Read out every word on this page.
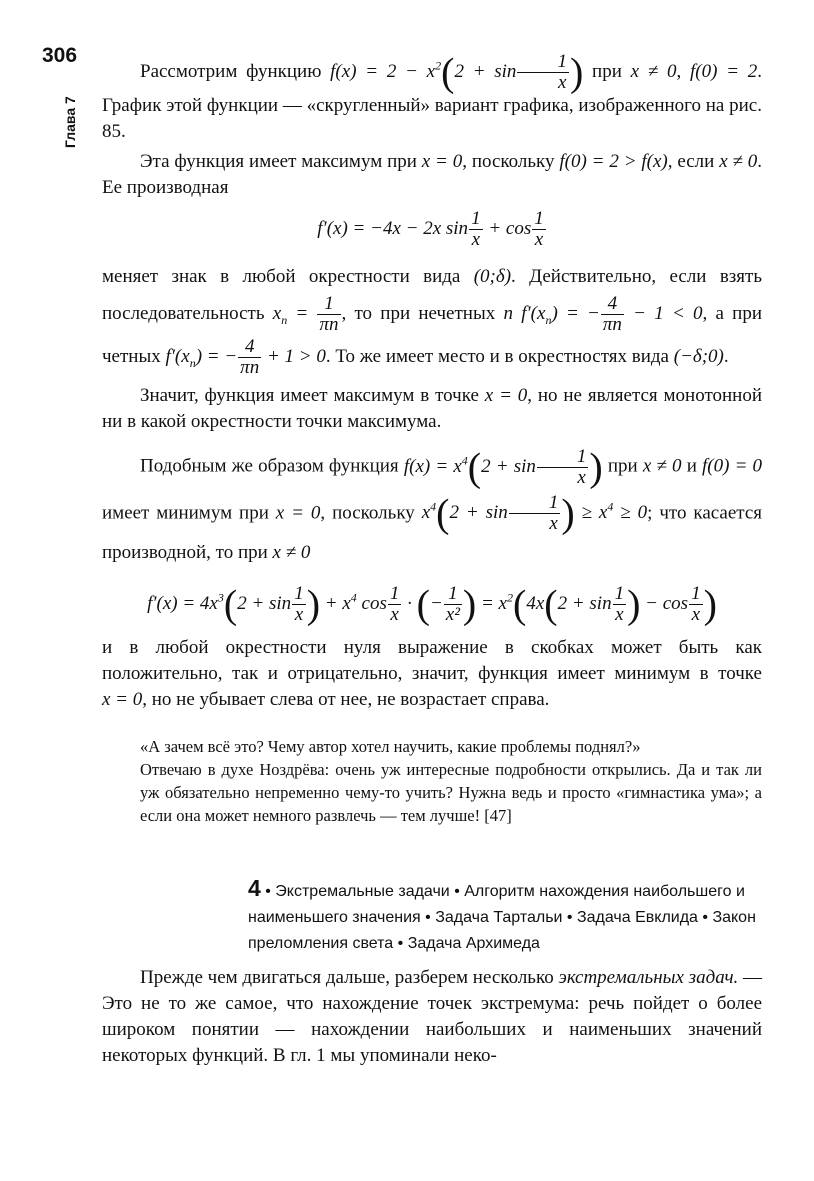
306
Глава 7

Рассмотрим функцию $f(x) = 2 - x^2(2 + \sin \frac{1}{x}$ ) при x ≠ 0, f(0) = 2. График этой функции — «скругленный» вариант графика, изображенного на рис. 85.

Эта функция имеет максимум при x = 0, поскольку f(0) = 2 > f(x), если x ≠ 0. Ее производная

f′(x) = −4x − 2x $\sin \frac{1}{x} + \cos \frac{1}{x}$

меняет знак в любой окрестности вида (0;δ). Действительно, если взять последовательность $x_n = \frac{1}{\pi n}$ , то при нечетных n $f'(x_n)$ = − $\frac{4}{\pi n} - 1 < 0$, а при четных $f'(x_n)$ = − $\frac{4}{\pi n} + 1 > 0$. То же имеет место и в окрестностях вида (−δ;0).

Значит, функция имеет максимум в точке x = 0, но не является монотонной ни в какой окрестности точки максимума.

Подобным же образом функция $f(x) = x^4(2 + \sin \frac{1}{x}$ ) при x ≠ 0 и f(0) = 0 имеет минимум при x = 0, поскольку $x^4(2 + \sin \frac{1}{x}$ ) ≥ $x^4 \ge 0$; что касается производной, то при x ≠ 0

$f'(x) = 4x^3(2 + \sin \frac{1}{x}$ ) + $x^4$ $\cos \frac{1}{x}$ · (− $\frac{1}{\text{x²}}$ ) = $x^2(4x(2 + \sin \frac{1}{x}$ ) − $\cos \frac{1}{x}$ )

и в любой окрестности нуля выражение в скобках может быть как положительно, так и отрицательно, значит, функция имеет минимум в точке x = 0, но не убывает слева от нее, не возрастает справа.

«А зачем всё это? Чему автор хотел научить, какие проблемы поднял?»

Отвечаю в духе Ноздрёва: очень уж интересные подробности открылись. Да и так ли уж обязательно непременно чему-то учить? Нужна ведь и просто «гимнастика ума»; а если она может немного развлечь — тем лучше! [47]

4 • Экстремальные задачи • Алгоритм нахождения наибольшего и наименьшего значения • Задача Тартальи • Задача Евклида • Закон преломления света • Задача Архимеда

Прежде чем двигаться дальше, разберем несколько экстремальных задач. — Это не то же самое, что нахождение точек экстремума: речь пойдет о более широком понятии — нахождении наибольших и наименьших значений некоторых функций. В гл. 1 мы упоминали неко-
